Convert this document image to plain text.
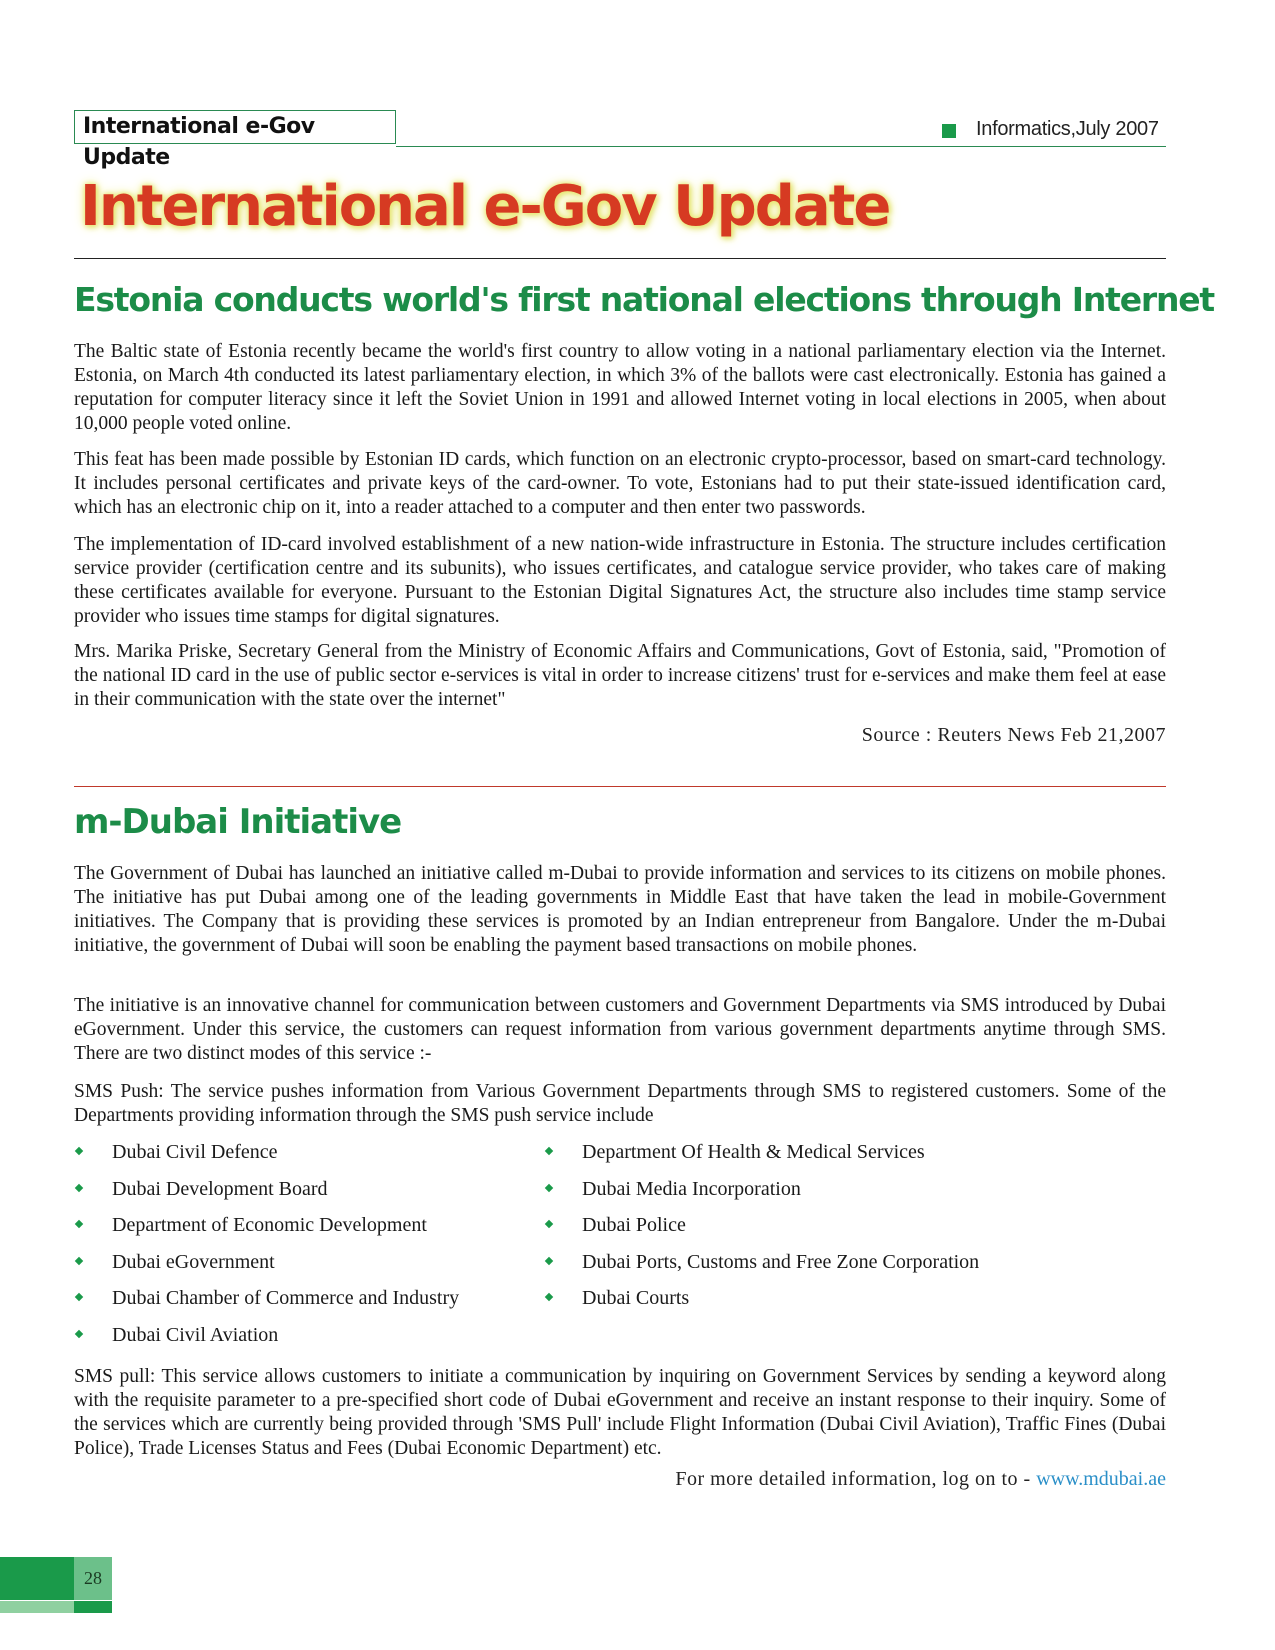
International e-Gov Update
Informatics,July 2007
International e-Gov Update
Estonia conducts world's first national elections through Internet

The Baltic state of Estonia recently became the world's first country to allow voting in a national parliamentary election via the Internet. Estonia, on March 4th conducted its latest parliamentary election, in which 3% of the ballots were cast electronically. Estonia has gained a reputation for computer literacy since it left the Soviet Union in 1991 and allowed Internet voting in local elections in 2005, when about 10,000 people voted online.

This feat has been made possible by Estonian ID cards, which function on an electronic crypto-processor, based on smart-card technology. It includes personal certificates and private keys of the card-owner. To vote, Estonians had to put their state-issued identification card, which has an electronic chip on it, into a reader attached to a computer and then enter two passwords.

The implementation of ID-card involved establishment of a new nation-wide infrastructure in Estonia. The structure includes certification service provider (certification centre and its subunits), who issues certificates, and catalogue service provider, who takes care of making these certificates available for everyone. Pursuant to the Estonian Digital Signatures Act, the structure also includes time stamp service provider who issues time stamps for digital signatures.

Mrs. Marika Priske, Secretary General from the Ministry of Economic Affairs and Communications, Govt of Estonia, said, "Promotion of the national ID card in the use of public sector e-services is vital in order to increase citizens' trust for e-services and make them feel at ease in their communication with the state over the internet"

Source : Reuters News Feb 21,2007
m-Dubai Initiative

The Government of Dubai has launched an initiative called m-Dubai to provide information and services to its citizens on mobile phones. The initiative has put Dubai among one of the leading governments in Middle East that have taken the lead in mobile-Government initiatives. The Company that is providing these services is promoted by an Indian entrepreneur from Bangalore. Under the m-Dubai initiative, the government of Dubai will soon be enabling the payment based transactions on mobile phones.

The initiative is an innovative channel for communication between customers and Government Departments via SMS introduced by Dubai eGovernment. Under this service, the customers can request information from various government departments anytime through SMS. There are two distinct modes of this service :-

SMS Push: The service pushes information from Various Government Departments through SMS to registered customers. Some of the Departments providing information through the SMS push service include

Dubai Civil Defence
Dubai Development Board
Department of Economic Development
Dubai eGovernment
Dubai Chamber of Commerce and Industry
Dubai Civil Aviation
Department Of Health & Medical Services
Dubai Media Incorporation
Dubai Police
Dubai Ports, Customs and Free Zone Corporation
Dubai Courts

SMS pull: This service allows customers to initiate a communication by inquiring on Government Services by sending a keyword along with the requisite parameter to a pre-specified short code of Dubai eGovernment and receive an instant response to their inquiry. Some of the services which are currently being provided through 'SMS Pull' include Flight Information (Dubai Civil Aviation), Traffic Fines (Dubai Police), Trade Licenses Status and Fees (Dubai Economic Department) etc.

For more detailed information, log on to - www.mdubai.ae
28
